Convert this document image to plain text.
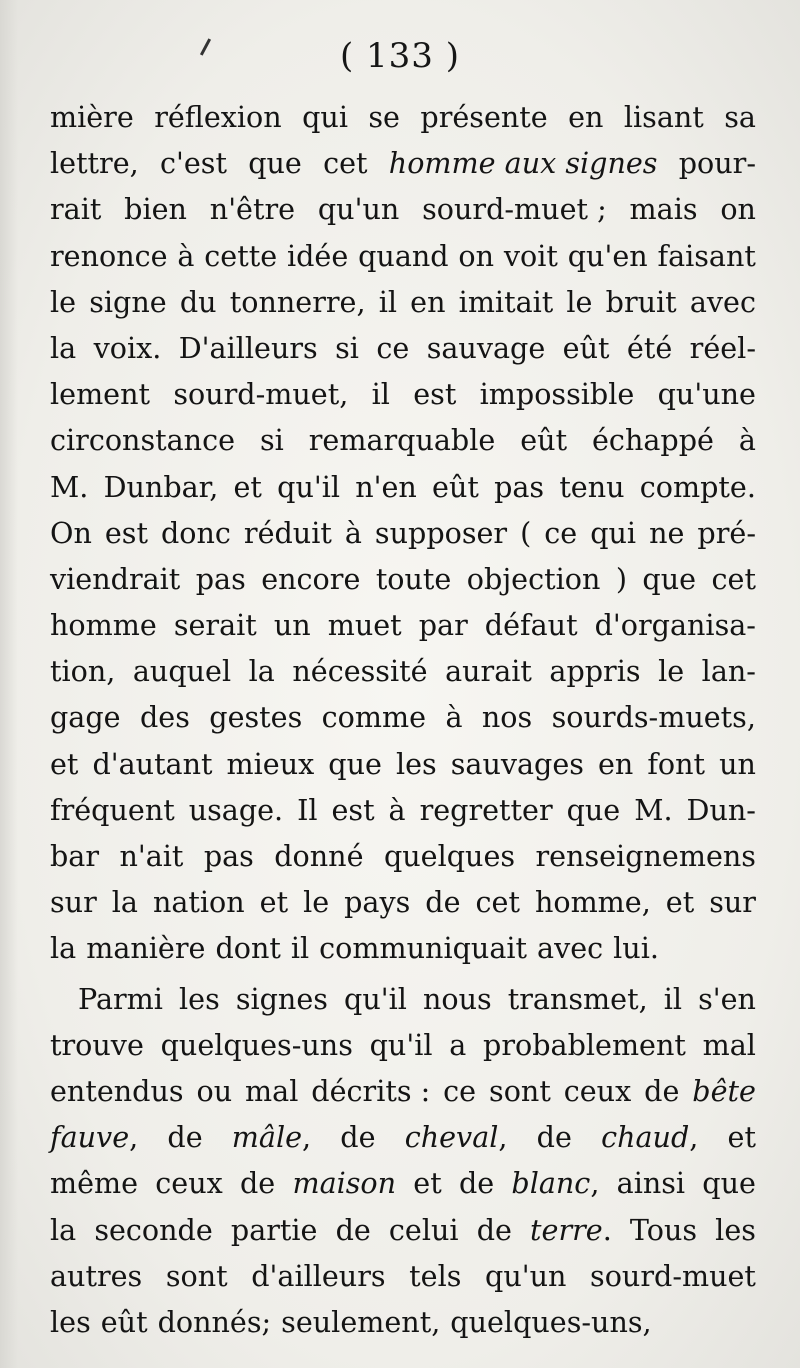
( 133 )
mière réflexion qui se présente en lisant sa
lettre, c'est que cet homme aux signes pour-
rait bien n'être qu'un sourd-muet ; mais on
renonce à cette idée quand on voit qu'en faisant
le signe du tonnerre, il en imitait le bruit avec
la voix. D'ailleurs si ce sauvage eût été réel-
lement sourd-muet, il est impossible qu'une
circonstance si remarquable eût échappé à
M. Dunbar, et qu'il n'en eût pas tenu compte.
On est donc réduit à supposer ( ce qui ne pré-
viendrait pas encore toute objection ) que cet
homme serait un muet par défaut d'organisa-
tion, auquel la nécessité aurait appris le lan-
gage des gestes comme à nos sourds-muets,
et d'autant mieux que les sauvages en font un
fréquent usage. Il est à regretter que M. Dun-
bar n'ait pas donné quelques renseignemens
sur la nation et le pays de cet homme, et sur
la manière dont il communiquait avec lui.
Parmi les signes qu'il nous transmet, il s'en
trouve quelques-uns qu'il a probablement mal
entendus ou mal décrits : ce sont ceux de bête
fauve, de mâle, de cheval, de chaud, et
même ceux de maison et de blanc, ainsi que
la seconde partie de celui de terre. Tous les
autres sont d'ailleurs tels qu'un sourd-muet
les eût donnés; seulement, quelques-uns,
